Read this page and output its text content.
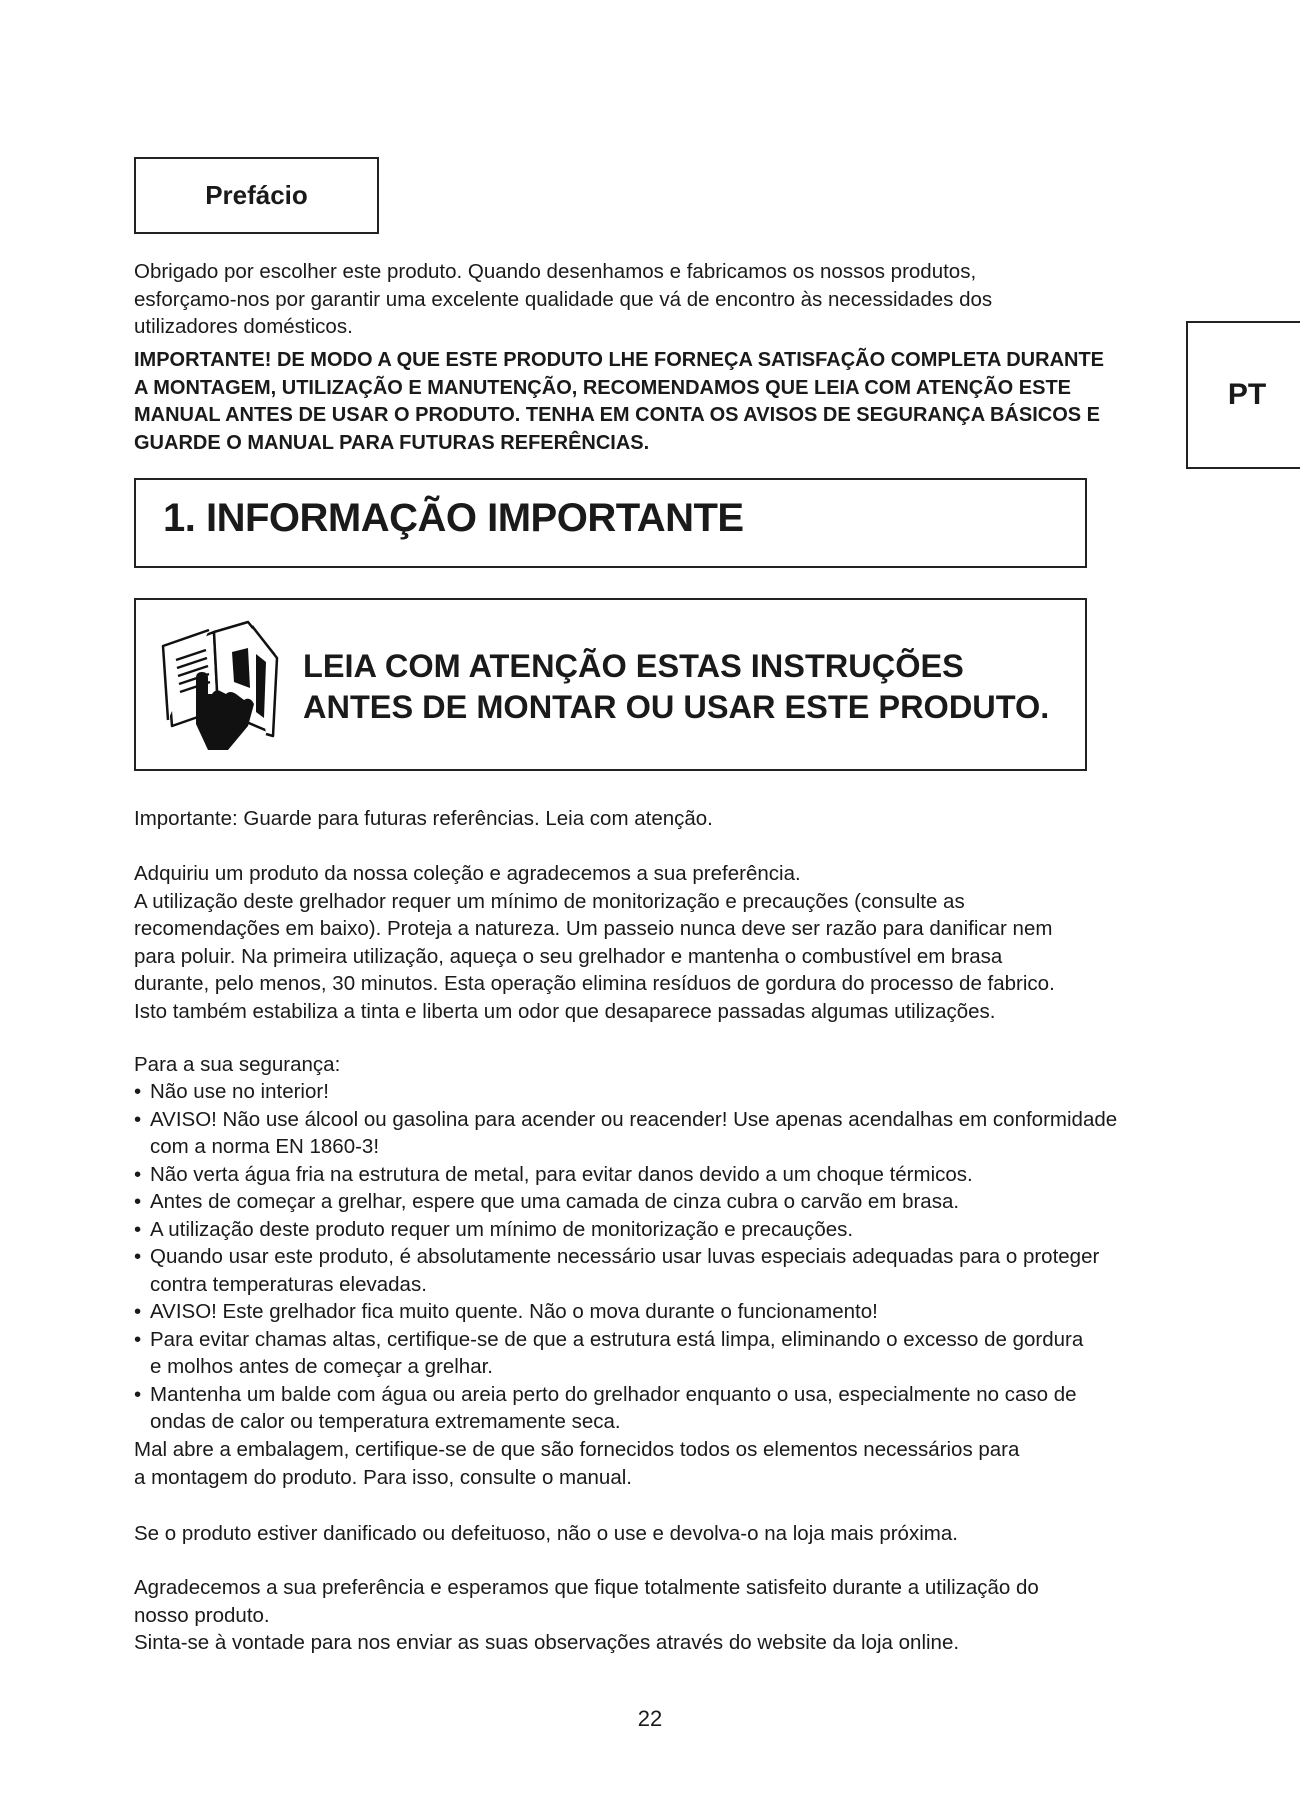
Prefácio
PT

Obrigado por escolher este produto. Quando desenhamos e fabricamos os nossos produtos,
esforçamo-nos por garantir uma excelente qualidade que vá de encontro às necessidades dos
utilizadores domésticos.

IMPORTANTE! DE MODO A QUE ESTE PRODUTO LHE FORNEÇA SATISFAÇÃO COMPLETA DURANTE
A MONTAGEM, UTILIZAÇÃO E MANUTENÇÃO, RECOMENDAMOS QUE LEIA COM ATENÇÃO ESTE
MANUAL ANTES DE USAR O PRODUTO. TENHA EM CONTA OS AVISOS DE SEGURANÇA BÁSICOS E
GUARDE O MANUAL PARA FUTURAS REFERÊNCIAS.

1. INFORMAÇÃO IMPORTANTE
LEIA COM ATENÇÃO ESTAS INSTRUÇÕES
ANTES DE MONTAR OU USAR ESTE PRODUTO.

Importante: Guarde para futuras referências. Leia com atenção.

Adquiriu um produto da nossa coleção e agradecemos a sua preferência.
A utilização deste grelhador requer um mínimo de monitorização e precauções (consulte as
recomendações em baixo). Proteja a natureza. Um passeio nunca deve ser razão para danificar nem
para poluir. Na primeira utilização, aqueça o seu grelhador e mantenha o combustível em brasa
durante, pelo menos, 30 minutos. Esta operação elimina resíduos de gordura do processo de fabrico.
Isto também estabiliza a tinta e liberta um odor que desaparece passadas algumas utilizações.

Para a sua segurança:

• Não use no interior!
• AVISO! Não use álcool ou gasolina para acender ou reacender! Use apenas acendalhas em conformidade
com a norma EN 1860-3!
• Não verta água fria na estrutura de metal, para evitar danos devido a um choque térmicos.
• Antes de começar a grelhar, espere que uma camada de cinza cubra o carvão em brasa.
• A utilização deste produto requer um mínimo de monitorização e precauções.
• Quando usar este produto, é absolutamente necessário usar luvas especiais adequadas para o proteger
contra temperaturas elevadas.
• AVISO! Este grelhador fica muito quente. Não o mova durante o funcionamento!
• Para evitar chamas altas, certifique-se de que a estrutura está limpa, eliminando o excesso de gordura
e molhos antes de começar a grelhar.
• Mantenha um balde com água ou areia perto do grelhador enquanto o usa, especialmente no caso de
ondas de calor ou temperatura extremamente seca.

Mal abre a embalagem, certifique-se de que são fornecidos todos os elementos necessários para
a montagem do produto. Para isso, consulte o manual.

Se o produto estiver danificado ou defeituoso, não o use e devolva-o na loja mais próxima.

Agradecemos a sua preferência e esperamos que fique totalmente satisfeito durante a utilização do
nosso produto.
Sinta-se à vontade para nos enviar as suas observações através do website da loja online.

22
